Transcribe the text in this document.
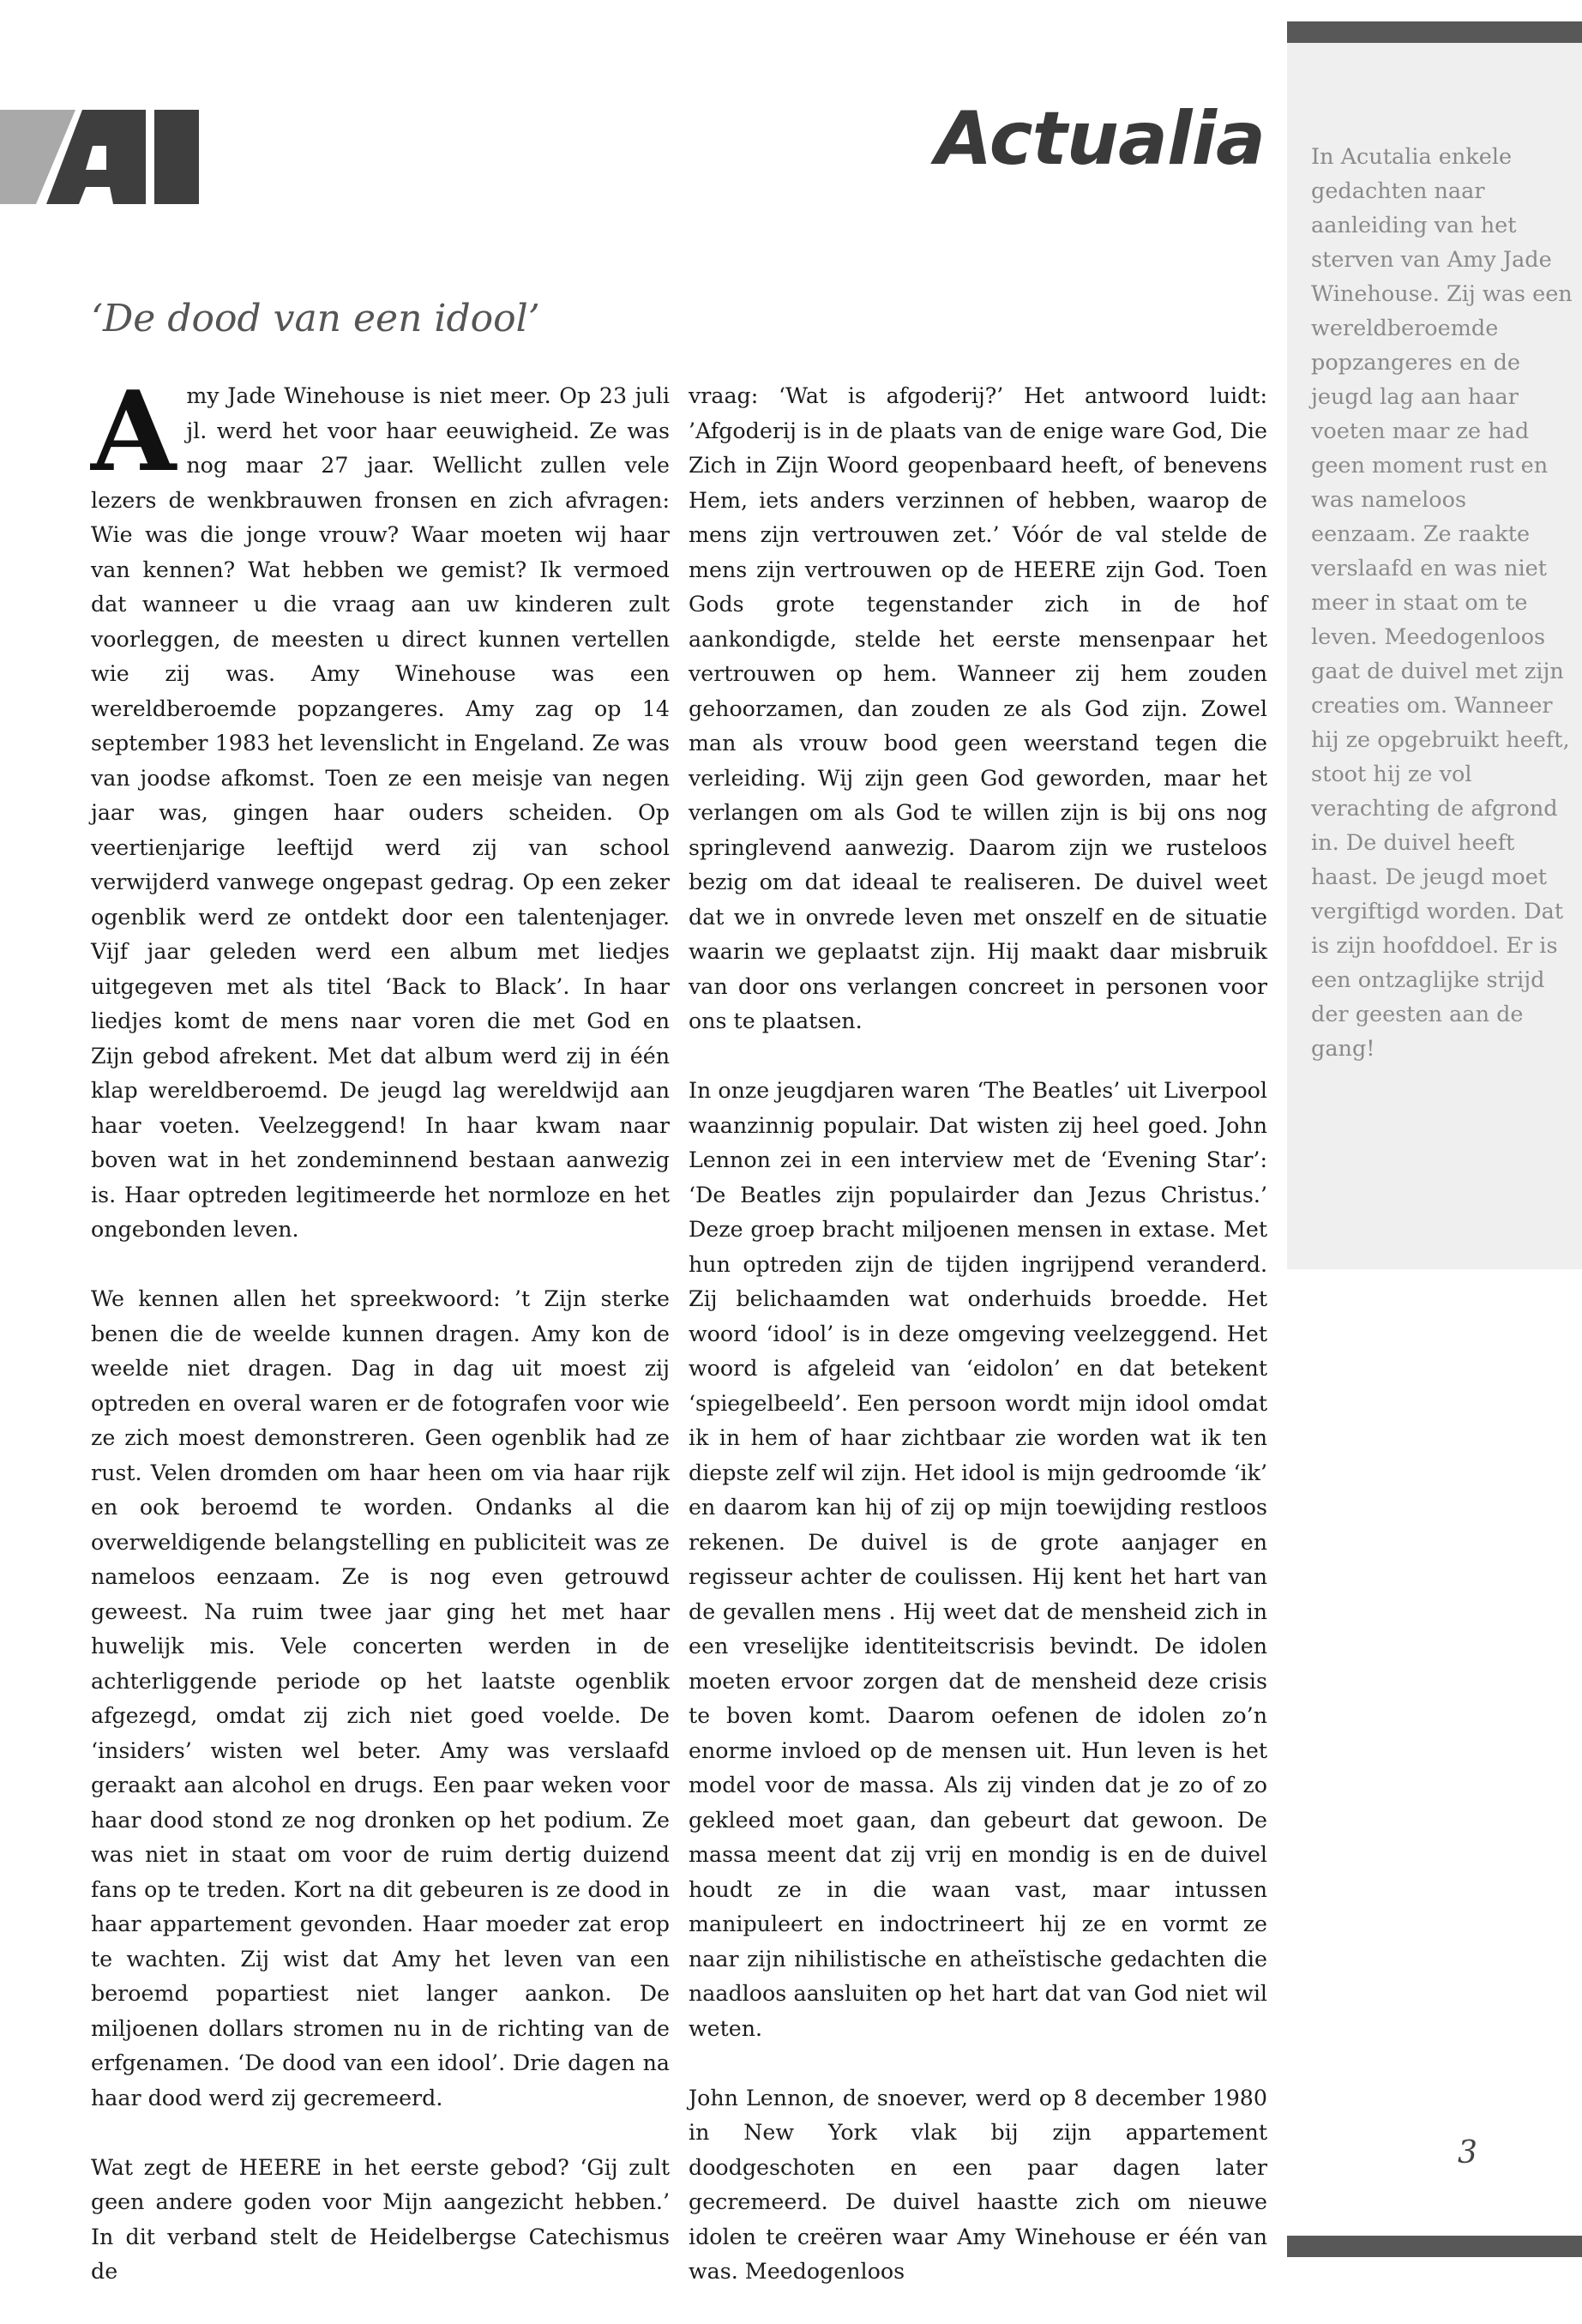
Actualia In Acutalia enkele gedachten naar aanleiding van het sterven van Amy Jade Winehouse. Zij was een wereldberoemde popzangeres en de jeugd lag aan haar voeten maar ze had geen moment rust en was nameloos eenzaam. Ze raakte verslaafd en was niet meer in staat om te leven. Meedogenloos gaat de duivel met zijn creaties om. Wanneer hij ze opgebruikt heeft, stoot hij ze vol verachting de afgrond in. De duivel heeft haast. De jeugd moet vergiftigd worden. Dat is zijn hoofddoel. Er is een ontzaglijke strijd der geesten aan de gang!

‘De dood van een idool’

Amy Jade Winehouse is niet meer. Op 23 juli jl. werd het voor haar eeuwigheid. Ze was nog maar 27 jaar. Wellicht zullen vele lezers de wenkbrauwen fronsen en zich afvragen: Wie was die jonge vrouw? Waar moeten wij haar van kennen? Wat hebben we gemist? Ik vermoed dat wanneer u die vraag aan uw kinderen zult voorleggen, de meesten u direct kunnen vertellen wie zij was. Amy Winehouse was een wereldberoemde popzangeres. Amy zag op 14 september 1983 het levenslicht in Engeland. Ze was van joodse afkomst. Toen ze een meisje van negen jaar was, gingen haar ouders scheiden. Op veertienjarige leeftijd werd zij van school verwijderd vanwege ongepast gedrag. Op een zeker ogenblik werd ze ontdekt door een talentenjager. Vijf jaar geleden werd een album met liedjes uitgegeven met als titel ‘Back to Black’. In haar liedjes komt de mens naar voren die met God en Zijn gebod afrekent. Met dat album werd zij in één klap wereldberoemd. De jeugd lag wereldwijd aan haar voeten. Veelzeggend! In haar kwam naar boven wat in het zondeminnend bestaan aanwezig is. Haar optreden legitimeerde het normloze en het ongebonden leven.

We kennen allen het spreekwoord: ’t Zijn sterke benen die de weelde kunnen dragen. Amy kon de weelde niet dragen. Dag in dag uit moest zij optreden en overal waren er de fotografen voor wie ze zich moest demonstreren. Geen ogenblik had ze rust. Velen dromden om haar heen om via haar rijk en ook beroemd te worden. Ondanks al die overweldigende belangstelling en publiciteit was ze nameloos eenzaam. Ze is nog even getrouwd geweest. Na ruim twee jaar ging het met haar huwelijk mis. Vele concerten werden in de achterliggende periode op het laatste ogenblik afgezegd, omdat zij zich niet goed voelde. De ‘insiders’ wisten wel beter. Amy was verslaafd geraakt aan alcohol en drugs. Een paar weken voor haar dood stond ze nog dronken op het podium. Ze was niet in staat om voor de ruim dertig duizend fans op te treden. Kort na dit gebeuren is ze dood in haar appartement gevonden. Haar moeder zat erop te wachten. Zij wist dat Amy het leven van een beroemd popartiest niet langer aankon. De miljoenen dollars stromen nu in de richting van de erfgenamen. ‘De dood van een idool’. Drie dagen na haar dood werd zij gecremeerd.

Wat zegt de HEERE in het eerste gebod? ‘Gij zult geen andere goden voor Mijn aangezicht hebben.’ In dit verband stelt de Heidelbergse Catechismus de

vraag: ‘Wat is afgoderij?’ Het antwoord luidt: ’Afgoderij is in de plaats van de enige ware God, Die Zich in Zijn Woord geopenbaard heeft, of benevens Hem, iets anders verzinnen of hebben, waarop de mens zijn vertrouwen zet.’ Vóór de val stelde de mens zijn vertrouwen op de HEERE zijn God. Toen Gods grote tegenstander zich in de hof aankondigde, stelde het eerste mensenpaar het vertrouwen op hem. Wanneer zij hem zouden gehoorzamen, dan zouden ze als God zijn. Zowel man als vrouw bood geen weerstand tegen die verleiding. Wij zijn geen God geworden, maar het verlangen om als God te willen zijn is bij ons nog springlevend aanwezig. Daarom zijn we rusteloos bezig om dat ideaal te realiseren. De duivel weet dat we in onvrede leven met onszelf en de situatie waarin we geplaatst zijn. Hij maakt daar misbruik van door ons verlangen concreet in personen voor ons te plaatsen.

In onze jeugdjaren waren ‘The Beatles’ uit Liverpool waanzinnig populair. Dat wisten zij heel goed. John Lennon zei in een interview met de ‘Evening Star’: ‘De Beatles zijn populairder dan Jezus Christus.’ Deze groep bracht miljoenen mensen in extase. Met hun optreden zijn de tijden ingrijpend veranderd. Zij belichaamden wat onderhuids broedde. Het woord ‘idool’ is in deze omgeving veelzeggend. Het woord is afgeleid van ‘eidolon’ en dat betekent ‘spiegelbeeld’. Een persoon wordt mijn idool omdat ik in hem of haar zichtbaar zie worden wat ik ten diepste zelf wil zijn. Het idool is mijn gedroomde ‘ik’ en daarom kan hij of zij op mijn toewijding restloos rekenen. De duivel is de grote aanjager en regisseur achter de coulissen. Hij kent het hart van de gevallen mens . Hij weet dat de mensheid zich in een vreselijke identiteitscrisis bevindt. De idolen moeten ervoor zorgen dat de mensheid deze crisis te boven komt. Daarom oefenen de idolen zo’n enorme invloed op de mensen uit. Hun leven is het model voor de massa. Als zij vinden dat je zo of zo gekleed moet gaan, dan gebeurt dat gewoon. De massa meent dat zij vrij en mondig is en de duivel houdt ze in die waan vast, maar intussen manipuleert en indoctrineert hij ze en vormt ze naar zijn nihilistische en atheïstische gedachten die naadloos aansluiten op het hart dat van God niet wil weten.

John Lennon, de snoever, werd op 8 december 1980 in New York vlak bij zijn appartement doodgeschoten en een paar dagen later gecremeerd. De duivel haastte zich om nieuwe idolen te creëren waar Amy Winehouse er één van was. Meedogenloos

3
